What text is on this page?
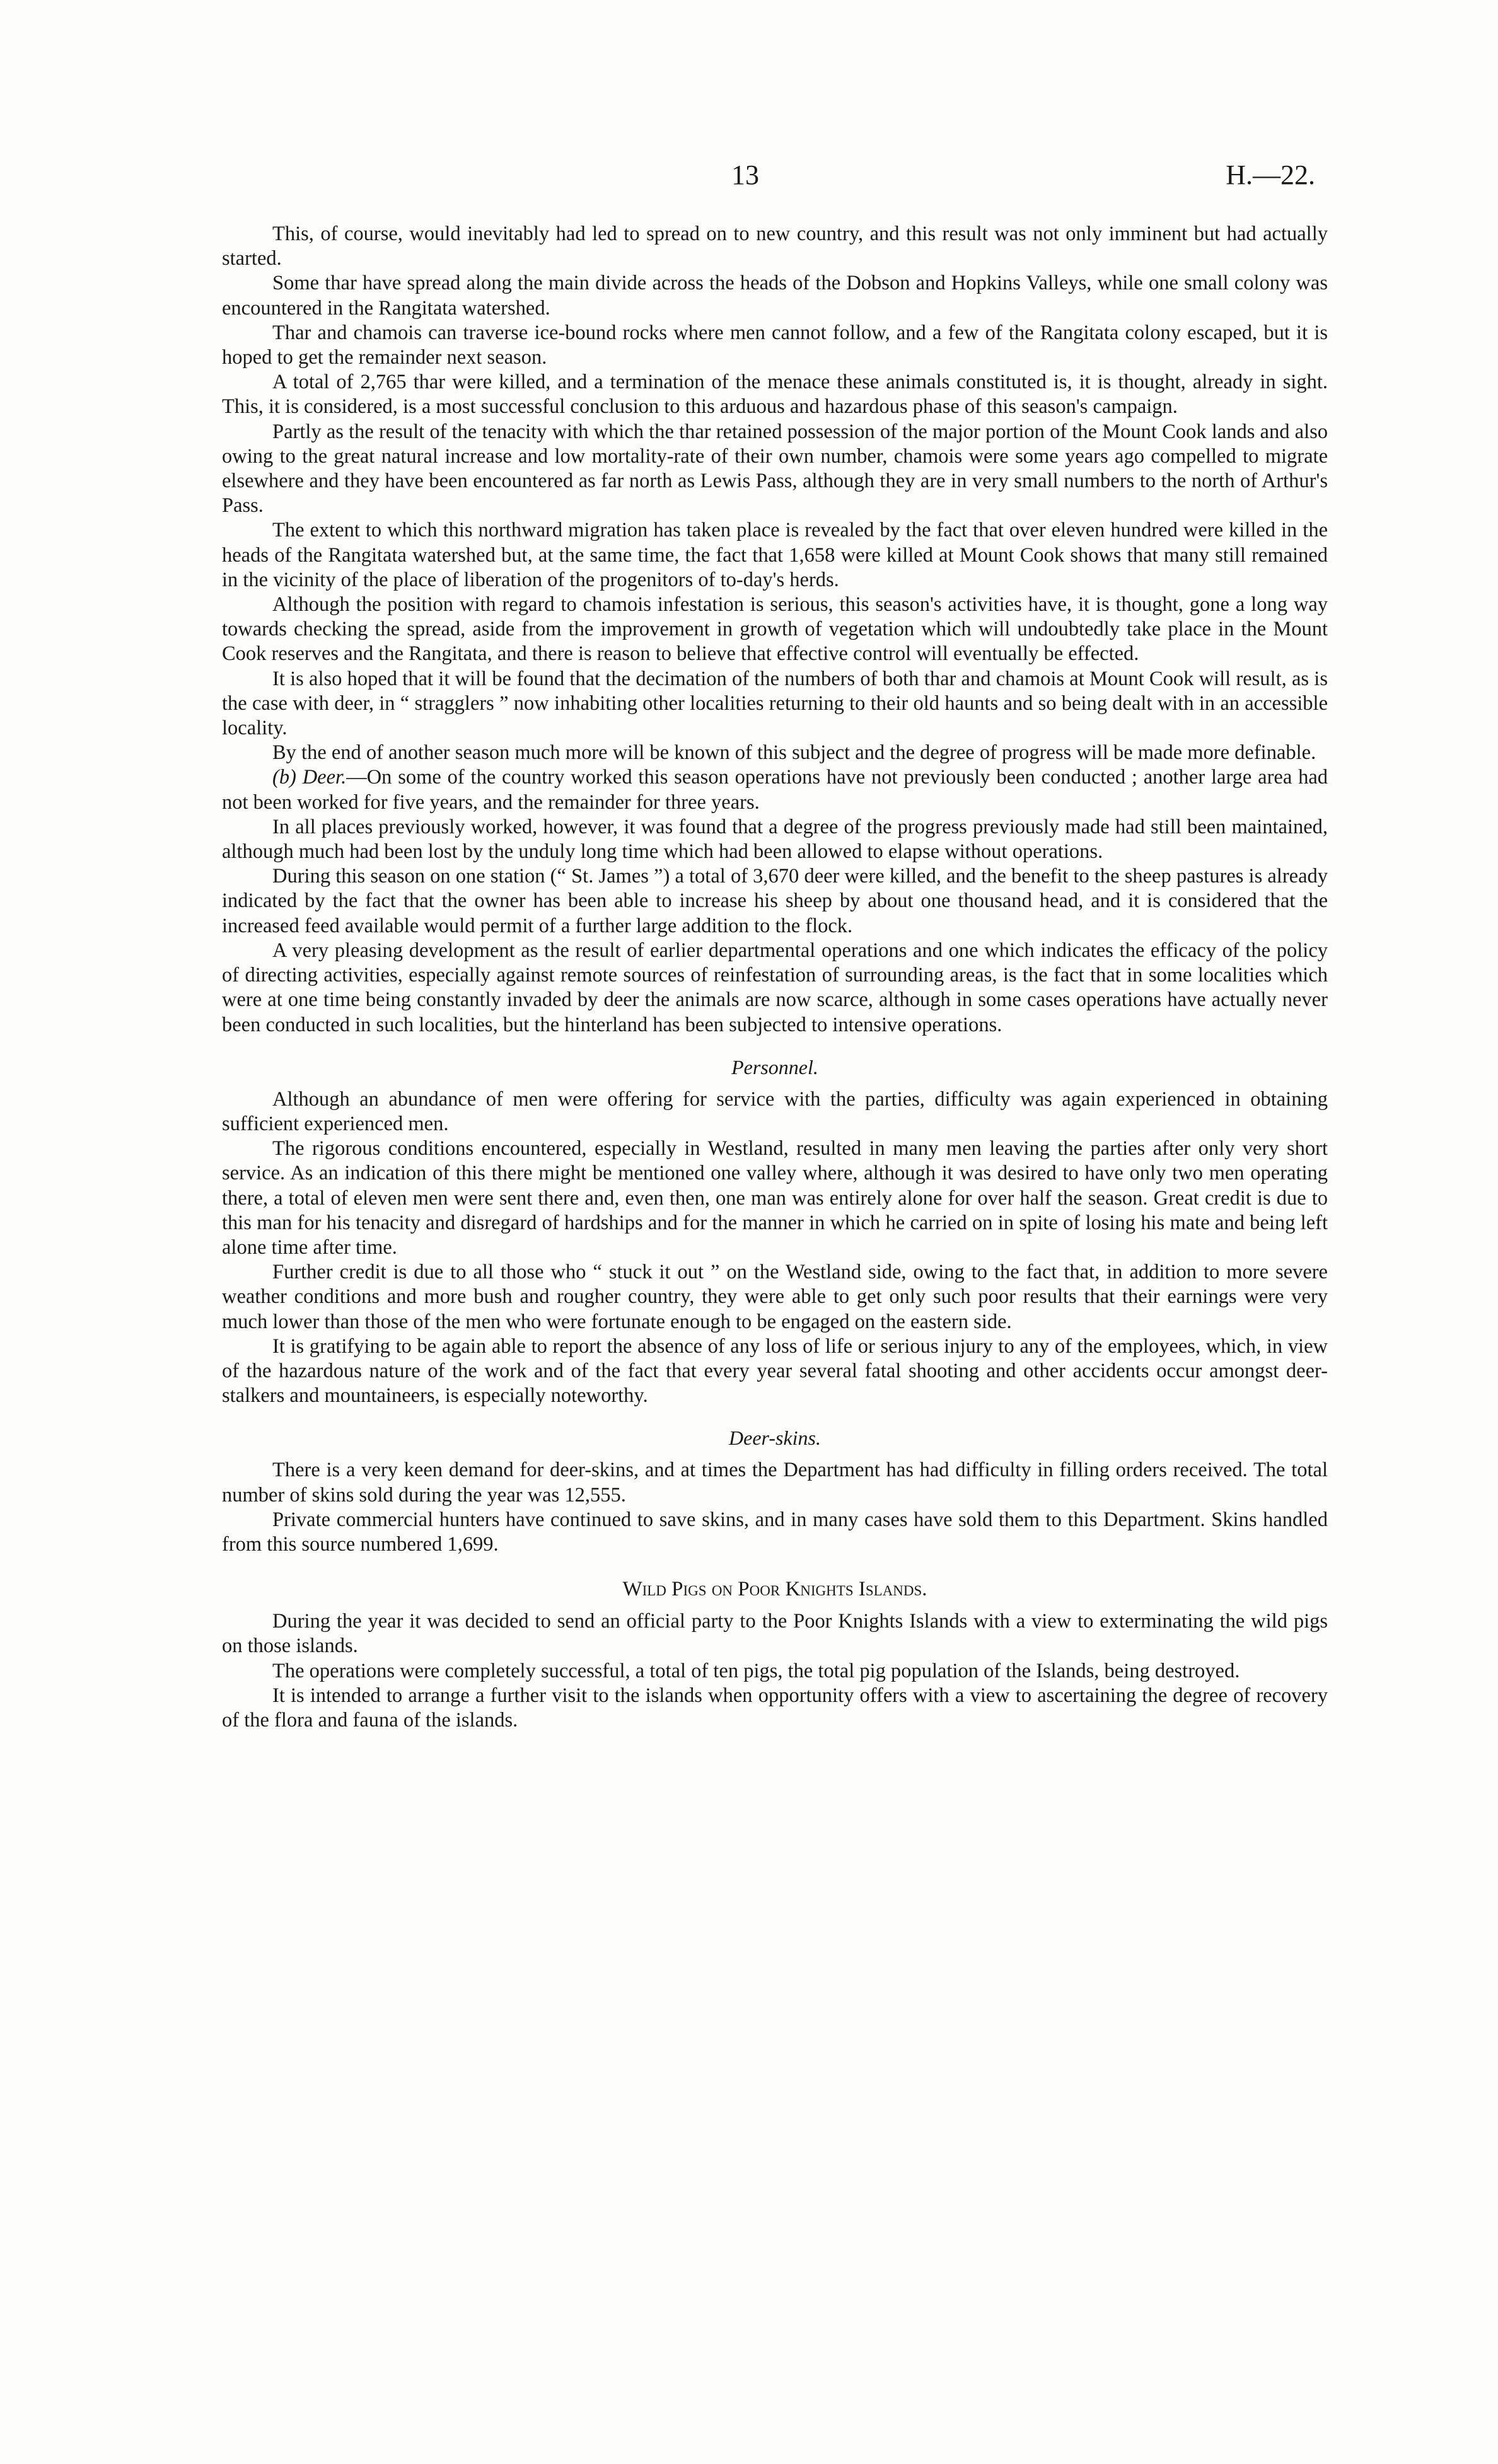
13	H.—22.

This, of course, would inevitably had led to spread on to new country, and this result was not only imminent but had actually started.

Some thar have spread along the main divide across the heads of the Dobson and Hopkins Valleys, while one small colony was encountered in the Rangitata watershed.

Thar and chamois can traverse ice-bound rocks where men cannot follow, and a few of the Rangitata colony escaped, but it is hoped to get the remainder next season.

A total of 2,765 thar were killed, and a termination of the menace these animals constituted is, it is thought, already in sight. This, it is considered, is a most successful conclusion to this arduous and hazardous phase of this season's campaign.

Partly as the result of the tenacity with which the thar retained possession of the major portion of the Mount Cook lands and also owing to the great natural increase and low mortality-rate of their own number, chamois were some years ago compelled to migrate elsewhere and they have been encountered as far north as Lewis Pass, although they are in very small numbers to the north of Arthur's Pass.

The extent to which this northward migration has taken place is revealed by the fact that over eleven hundred were killed in the heads of the Rangitata watershed but, at the same time, the fact that 1,658 were killed at Mount Cook shows that many still remained in the vicinity of the place of liberation of the progenitors of to-day's herds.

Although the position with regard to chamois infestation is serious, this season's activities have, it is thought, gone a long way towards checking the spread, aside from the improvement in growth of vegetation which will undoubtedly take place in the Mount Cook reserves and the Rangitata, and there is reason to believe that effective control will eventually be effected.

It is also hoped that it will be found that the decimation of the numbers of both thar and chamois at Mount Cook will result, as is the case with deer, in “ stragglers ” now inhabiting other localities returning to their old haunts and so being dealt with in an accessible locality.

By the end of another season much more will be known of this subject and the degree of progress will be made more definable.

(b) Deer.—On some of the country worked this season operations have not previously been conducted ; another large area had not been worked for five years, and the remainder for three years.

In all places previously worked, however, it was found that a degree of the progress previously made had still been maintained, although much had been lost by the unduly long time which had been allowed to elapse without operations.

During this season on one station (“ St. James ”) a total of 3,670 deer were killed, and the benefit to the sheep pastures is already indicated by the fact that the owner has been able to increase his sheep by about one thousand head, and it is considered that the increased feed available would permit of a further large addition to the flock.

A very pleasing development as the result of earlier departmental operations and one which indicates the efficacy of the policy of directing activities, especially against remote sources of reinfestation of surrounding areas, is the fact that in some localities which were at one time being constantly invaded by deer the animals are now scarce, although in some cases operations have actually never been conducted in such localities, but the hinterland has been subjected to intensive operations.

Personnel.

Although an abundance of men were offering for service with the parties, difficulty was again experienced in obtaining sufficient experienced men.

The rigorous conditions encountered, especially in Westland, resulted in many men leaving the parties after only very short service. As an indication of this there might be mentioned one valley where, although it was desired to have only two men operating there, a total of eleven men were sent there and, even then, one man was entirely alone for over half the season. Great credit is due to this man for his tenacity and disregard of hardships and for the manner in which he carried on in spite of losing his mate and being left alone time after time.

Further credit is due to all those who “ stuck it out ” on the Westland side, owing to the fact that, in addition to more severe weather conditions and more bush and rougher country, they were able to get only such poor results that their earnings were very much lower than those of the men who were fortunate enough to be engaged on the eastern side.

It is gratifying to be again able to report the absence of any loss of life or serious injury to any of the employees, which, in view of the hazardous nature of the work and of the fact that every year several fatal shooting and other accidents occur amongst deer-stalkers and mountaineers, is especially noteworthy.

Deer-skins.

There is a very keen demand for deer-skins, and at times the Department has had difficulty in filling orders received. The total number of skins sold during the year was 12,555.

Private commercial hunters have continued to save skins, and in many cases have sold them to this Department. Skins handled from this source numbered 1,699.

Wild Pigs on Poor Knights Islands.

During the year it was decided to send an official party to the Poor Knights Islands with a view to exterminating the wild pigs on those islands.

The operations were completely successful, a total of ten pigs, the total pig population of the Islands, being destroyed.

It is intended to arrange a further visit to the islands when opportunity offers with a view to ascertaining the degree of recovery of the flora and fauna of the islands.
